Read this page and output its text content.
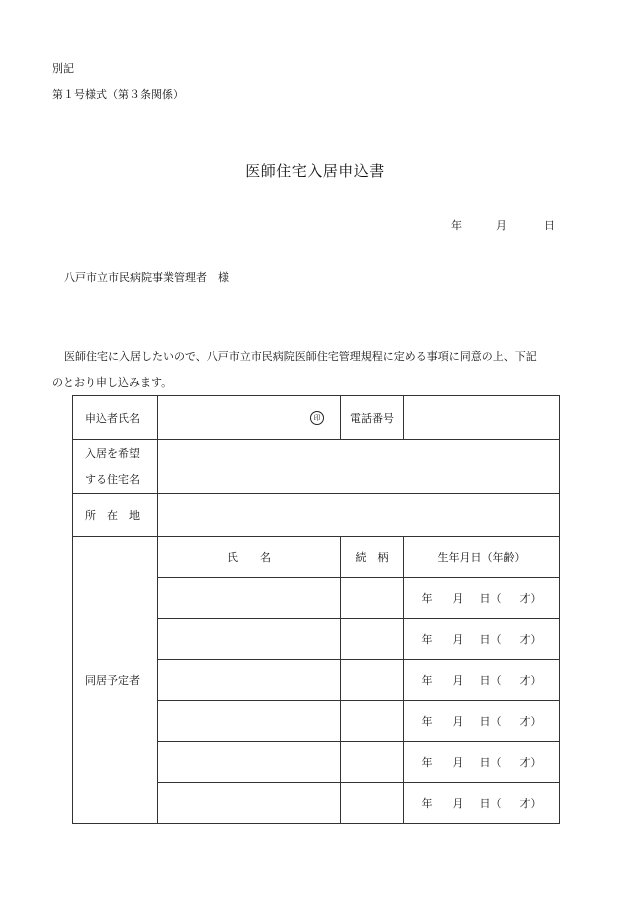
別記
第１号様式（第３条関係）
医師住宅入居申込書
年	月	日
八戸市立市民病院事業管理者　様
医師住宅に入居したいので、八戸市立市民病院医師住宅管理規程に定める事項に同意の上、下記
のとおり申し込みます。
申込者氏名	印	電話番号	

入居を希望
する住宅名			

所　在　地			
同居予定者	氏　　名	続　柄	生年月日（年齢）
			年 月 日（ 才）
			年 月 日（ 才）
			年 月 日（ 才）
			年 月 日（ 才）
			年 月 日（ 才）
			年 月 日（ 才）
